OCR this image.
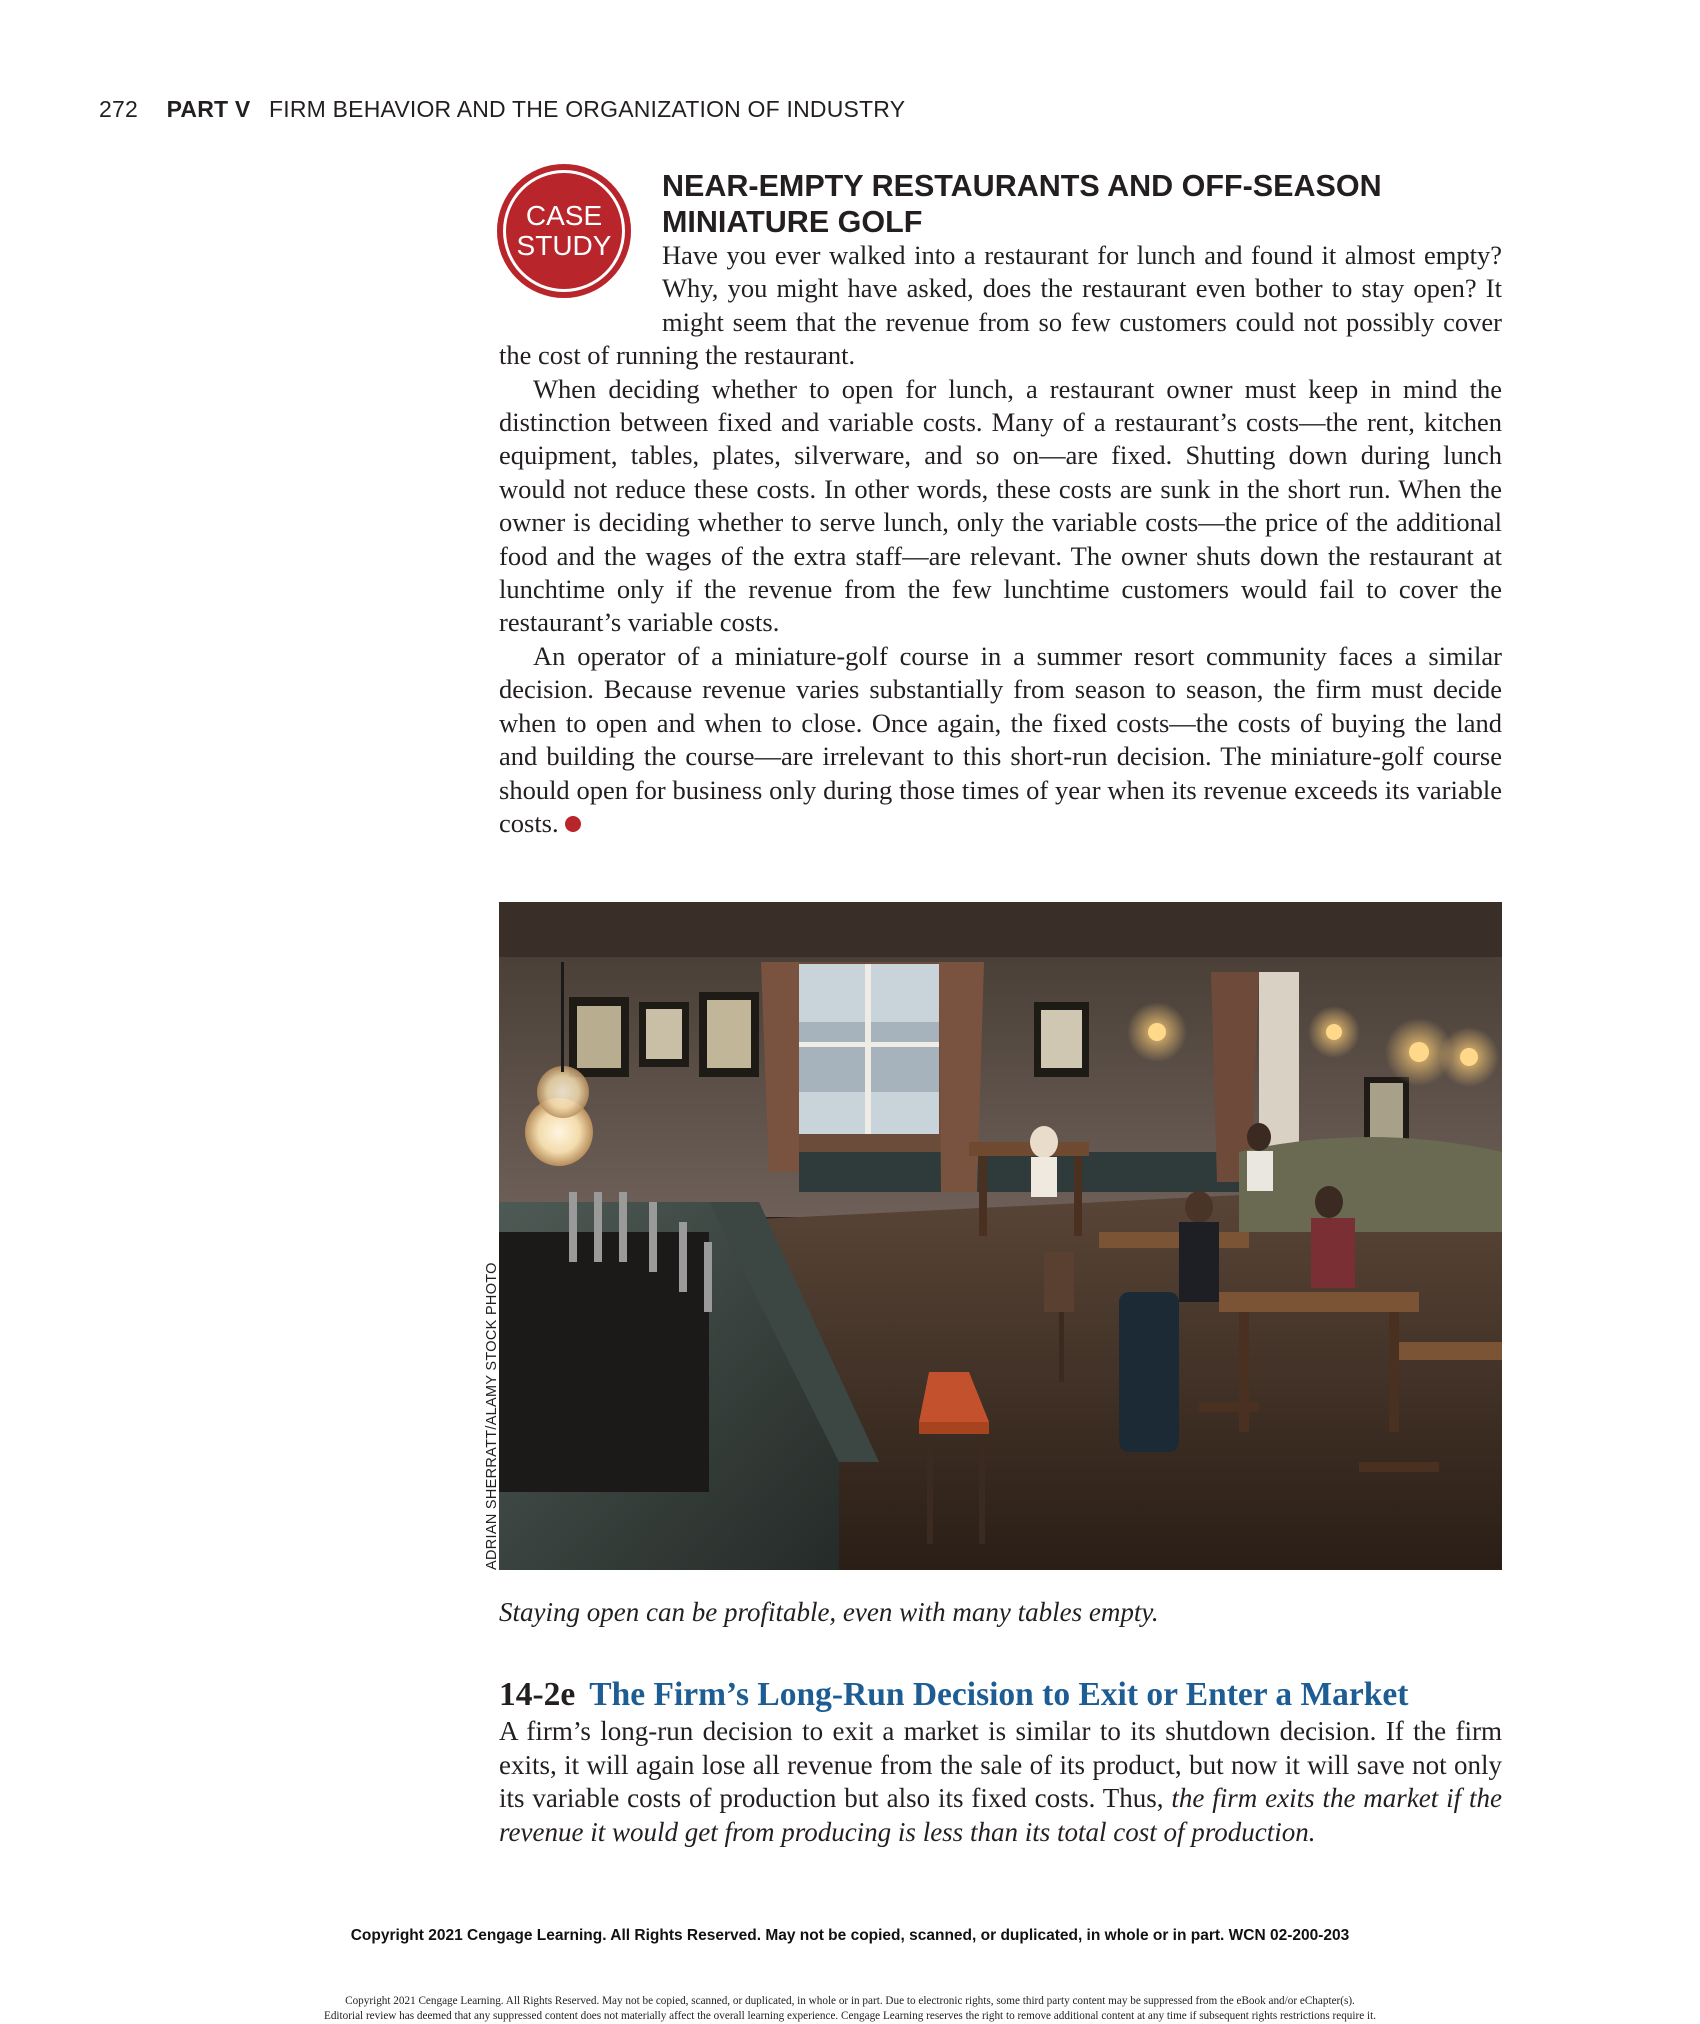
272 PART V FIRM BEHAVIOR AND THE ORGANIZATION OF INDUSTRY
CASE
STUDY
NEAR-EMPTY RESTAURANTS AND OFF-SEASON MINIATURE GOLF

Have you ever walked into a restaurant for lunch and found it almost empty? Why, you might have asked, does the restaurant even bother to stay open? It might seem that the revenue from so few customers could not possibly cover the cost of running the restaurant.

When deciding whether to open for lunch, a restaurant owner must keep in mind the distinction between fixed and variable costs. Many of a restaurant’s costs—the rent, kitchen equipment, tables, plates, silverware, and so on—are fixed. Shutting down during lunch would not reduce these costs. In other words, these costs are sunk in the short run. When the owner is deciding whether to serve lunch, only the variable costs—the price of the additional food and the wages of the extra staff—are relevant. The owner shuts down the restaurant at lunchtime only if the revenue from the few lunchtime customers would fail to cover the restaurant’s variable costs.

An operator of a miniature-golf course in a summer resort community faces a similar decision. Because revenue varies substantially from season to season, the firm must decide when to open and when to close. Once again, the fixed costs—the costs of buying the land and building the course—are irrelevant to this short-run decision. The miniature-golf course should open for business only during those times of year when its revenue exceeds its variable costs.

ADRIAN SHERRATT/ALAMY STOCK PHOTO
Staying open can be profitable, even with many tables empty.
14-2e The Firm’s Long-Run Decision to Exit or Enter a Market

A firm’s long-run decision to exit a market is similar to its shutdown decision. If the firm exits, it will again lose all revenue from the sale of its product, but now it will save not only its variable costs of production but also its fixed costs. Thus, the firm exits the market if the revenue it would get from producing is less than its total cost of production.

Copyright 2021 Cengage Learning. All Rights Reserved. May not be copied, scanned, or duplicated, in whole or in part. WCN 02-200-203
Copyright 2021 Cengage Learning. All Rights Reserved. May not be copied, scanned, or duplicated, in whole or in part. Due to electronic rights, some third party content may be suppressed from the eBook and/or eChapter(s).
Editorial review has deemed that any suppressed content does not materially affect the overall learning experience. Cengage Learning reserves the right to remove additional content at any time if subsequent rights restrictions require it.
